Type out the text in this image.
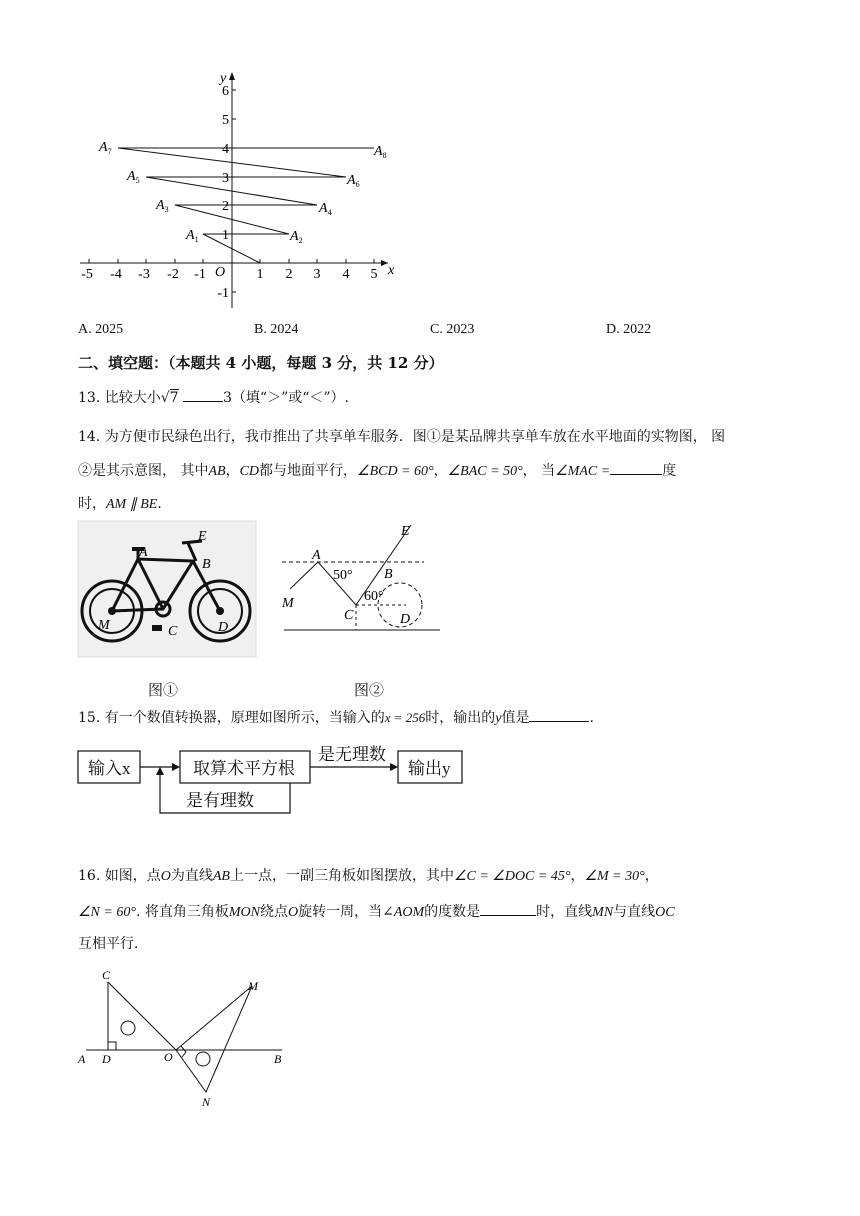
y
x
O
-5 -4 -3 -2 -1	1 2 3 4 5
6
5
4
3
2
1
-1
$A_1$	$A_2$
$A_3$	$A_4$
$A_5$	$A_6$
$A_7$	$A_8$
A. 2025	B. 2024	C. 2023	D. 2022
二、填空题：（本题共 4 小题，每题 3 分，共 12 分）
13. 比较大小√7	3（填“＞”或“＜”）.
14. 为方便市民绿色出行，我市推出了共享单车服务．图①是某品牌共享单车放在水平地面的实物图， 图
②是其示意图， 其中AB，CD都与地面平行，∠BCD = 60°，∠BAC = 50°， 当∠MAC =	度
时，AM ∥ BE.
A
E
B
M	C	D
E
A
50° B
M	60°
C	D
图①	图②
15. 有一个数值转换器，原理如图所示，当输入的x = 256时，输出的y值是	.
输入x	取算术平方根
是无理数
输出y
是有理数
16. 如图，点O为直线AB上一点，一副三角板如图摆放，其中∠C = ∠DOC = 45°，∠M = 30°，
∠N = 60°. 将直角三角板MON绕点O旋转一周，当∠AOM的度数是	时，直线MN与直线OC
互相平行.
C
M
A D	O	B
N
